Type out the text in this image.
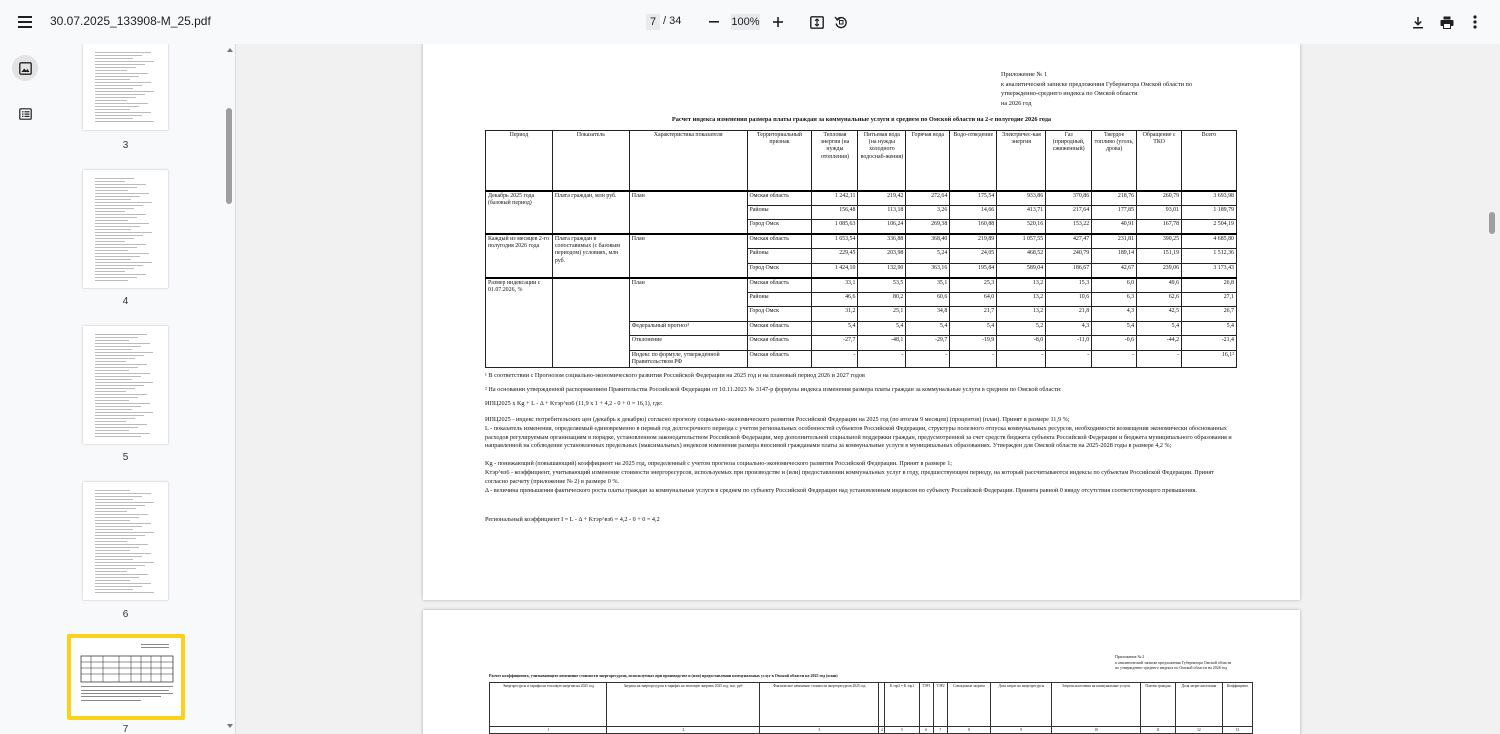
30.07.2025_133908-M_25.pdf	7 / 34	100%
3
4
5
6
7
Приложение № 1
к аналитической записке предложения Губернатора Омской области по
утвержденно-среднего индекса по Омской области
на 2026 год
Расчет индекса изменения размера платы граждан за коммунальные услуги в среднем по Омской области на 2-е полугодие 2026 года
Период	Показатель	Характеристика показателя	Территориальный признак	Тепловая энергия (на нужды отопления)	Питьевая вода (на нужды холодного водоснаб-жения)	Горячая вода	Водо-отведение	Электричес-кая энергия	Газ (природный, сжиженный)	Твердое топливо (уголь, дрова)	Обращение с ТКО	Всего
Декабрь 2025 года (базовый период)	Плата граждан, млн руб.	План	Омская область	1 242,11	219,42	272,64	175,54	933,86	370,86	218,76	260,79	3 693,98
			Районы	156,48	113,18	3,26	14,66	413,71	217,64	177,85	93,01	1 189,79
			Город Омск	1 085,63	106,24	269,38	160,88	520,16	153,22	40,91	167,78	2 504,19
Каждый из месяцев 2-го полугодия 2026 года	Плата граждан в сопоставимых (с базовым периодом) условиях, млн руб.	План	Омская область	1 653,54	336,88	368,40	219,89	1 057,55	427,47	231,81	390,25	4 685,80
			Районы	229,45	203,98	5,24	24,05	468,52	240,79	189,14	151,19	1 512,36
			Город Омск	1 424,10	132,90	363,16	195,84	589,04	186,67	42,67	239,06	3 173,43
Размер индексации с 01.07.2026, %		План	Омская область	33,1	53,5	35,1	25,3	13,2	15,3	6,0	49,6	26,8
			Районы	46,6	80,2	60,6	64,0	13,2	10,6	6,3	62,6	27,1
			Город Омск	31,2	25,1	34,8	21,7	13,2	21,8	4,3	42,5	26,7
		Федеральный прогноз¹	Омская область	5,4	5,4	5,4	5,4	5,2	4,3	5,4	5,4	5,4
		Отклонение	Омская область	-27,7	-48,1	-29,7	-19,9	-8,0	-11,0	-0,6	-44,2	-21,4
		Индекс по формуле, утвержденной Правительством РФ	Омская область	-	-	-	-	-	-	-	-	16,1²
¹ В соответствии с Прогнозом социально-экономического развития Российской Федерации на 2025 год и на плановый период 2026 и 2027 годов
² На основании утвержденной распоряжением Правительства Российской Федерации от 10.11.2023 № 3147-р формулы индекса изменения размера платы граждан за коммунальные услуги в среднем по Омской области:
ИПЦ2025 x Kg + L - Δ + Kтэр^вз6 (11,9 x 1 + 4,2 - 0 + 0 = 16,1), где:
ИПЦ2025 - индекс потребительских цен (декабрь к декабрю) согласно прогнозу социально-экономического развития Российской Федерации на 2025 год (по итогам 9 месяцев) (процентов) (план). Принят в размере 11,9 %;
L - показатель изменения, определяемый единовременно в первый год долгосрочного периода с учетом региональных особенностей субъектов Российской Федерации, структуры полезного отпуска коммунальных ресурсов, необходимости возмещения экономически обоснованных расходов регулируемым организациям в порядке, установленном законодательством Российской Федерации, мер дополнительной социальной поддержки граждан, предусмотренной за счет средств бюджета субъекта Российской Федерации и бюджета муниципального образования и направленной на соблюдение установленных предельных (максимальных) индексов изменения размера вносимой гражданами платы за коммунальные услуги в муниципальных образованиях. Утвержден для Омской области на 2025-2028 годы в размере 4,2 %;
Kg - понижающий (повышающий) коэффициент на 2025 год, определенный с учетом прогноза социально-экономического развития Российской Федерации. Принят в размере 1;
Kтэр^вз6 - коэффициент, учитывающий изменение стоимости энергоресурсов, используемых при производстве и (или) предоставлении коммунальных услуг в году, предшествующем периоду, на который рассчитываются индексы по субъектам Российской Федерации. Принят согласно расчету (приложение № 2) в размере 0 %.
Δ - величина превышения фактического роста платы граждан за коммунальные услуги в среднем по субъекту Российской Федерации над установленным индексом по субъекту Российской Федерации. Принята равной 0 ввиду отсутствия соответствующего превышения.
Региональный коэффициент I = L - Δ + Kтэр^вз6 = 4,2 - 0 + 0 = 4,2
Приложение № 2
к аналитической записке предложения Губернатора Омской области
по утвержденно-среднего индекса по Омской области на 2026 год
Расчет коэффициента, учитывающего изменение стоимости энергоресурсов, используемых при производстве и (или) предоставлении коммунальных услуг в Омской области на 2025 год (план)
Энергоресурсы и тарифы на тепловую энергию на 2025 год	Затраты на энергоресурсы в тарифах на тепловую энергию 2025 год, тыс. руб.	Фактическое изменение стоимости энергоресурсов 2025 год		K тэр2 = K тэр1	ТЭР1	ТЭР2	Совокупные затраты	Доля затрат на энергоресурсы	Затраты населения на коммунальные услуги	Платеж граждан	Доля затрат населения	Коэффициент
1	2	3	4	5	6	7	8	9	10	11	12	13
